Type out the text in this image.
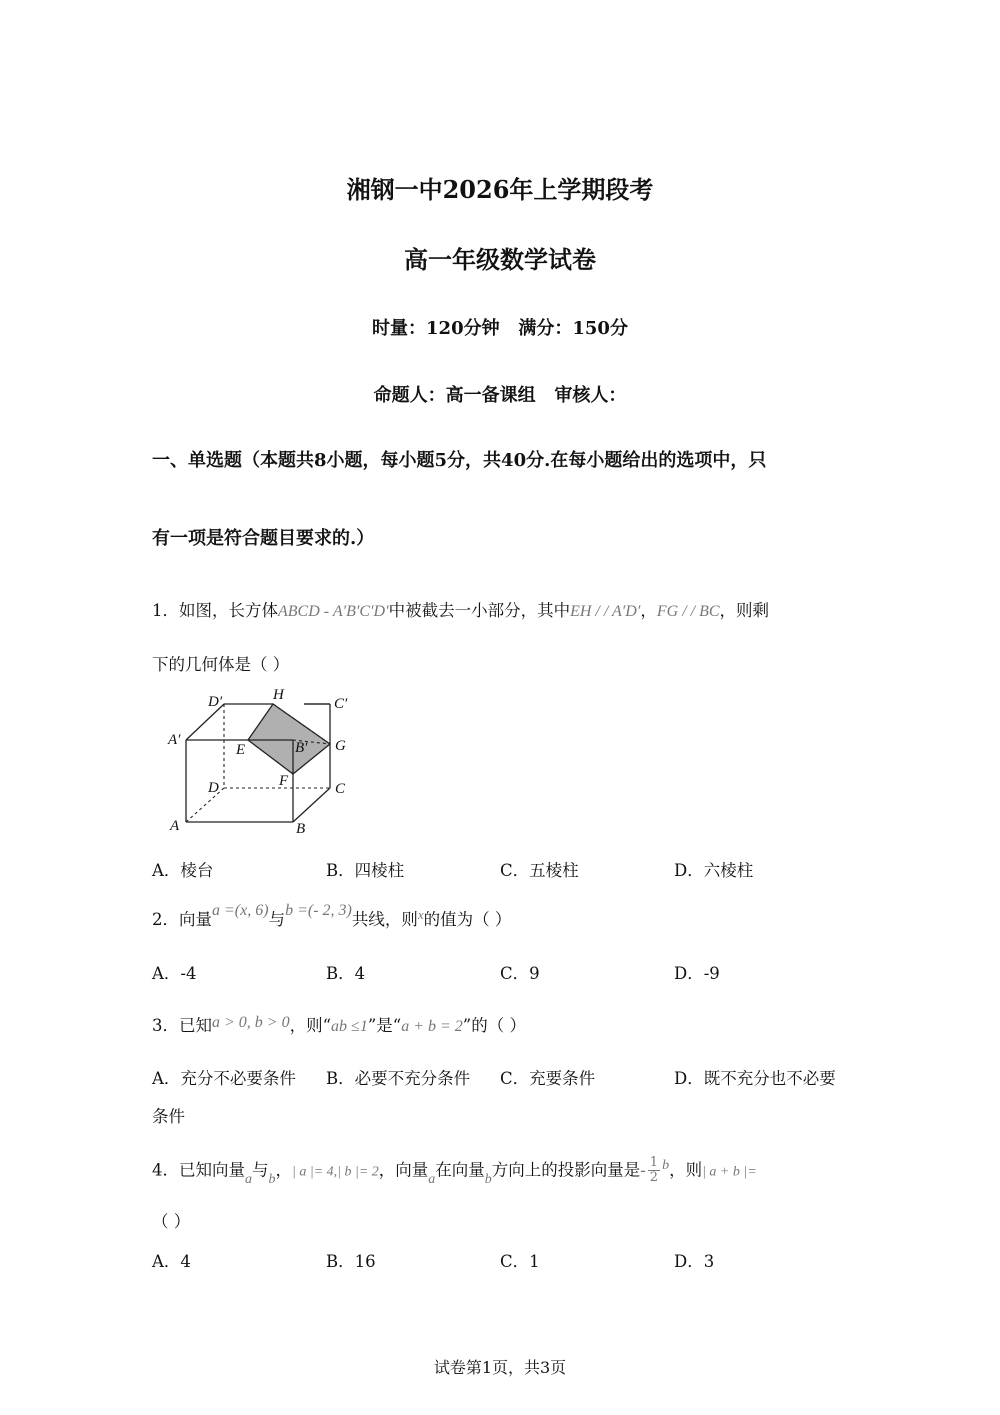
湘钢一中2026年上学期段考
高一年级数学试卷
时量：120分钟   满分：150分
命题人：高一备课组   审核人：
一、单选题（本题共8小题，每小题5分，共40分.在每小题给出的选项中，只
有一项是符合题目要求的.）
1．如图，长方体ABCD - A′B′C′D′中被截去一小部分，其中EH / / A′D′，FG / / BC，则剩
下的几何体是（ ）
D′	H
C′
A′
E	B′ G
F
D	C
A	B
A．棱台	B．四棱柱	C．五棱柱	D．六棱柱
2．向量a =(x, 6)与b =(- 2, 3)共线，则$^x$的值为（ ）
A．-4	B．4	C．9	D．-9
3．已知a > 0, b > 0，则“ab ≤1”是“a + b = 2”的（ ）
A．充分不必要条件 B．必要不充分条件 C．充要条件	D．既不充分也不必要
条件
4．已知向量$_a$与$_b$，| a |= 4,| b |= 2，向量$_a$在向量$_b$方向上的投影向量是- $\frac{1}{2} ^b$，则| a + b |=
（ ）
A．4	B．16	C．1	D．3
试卷第1页，共3页
